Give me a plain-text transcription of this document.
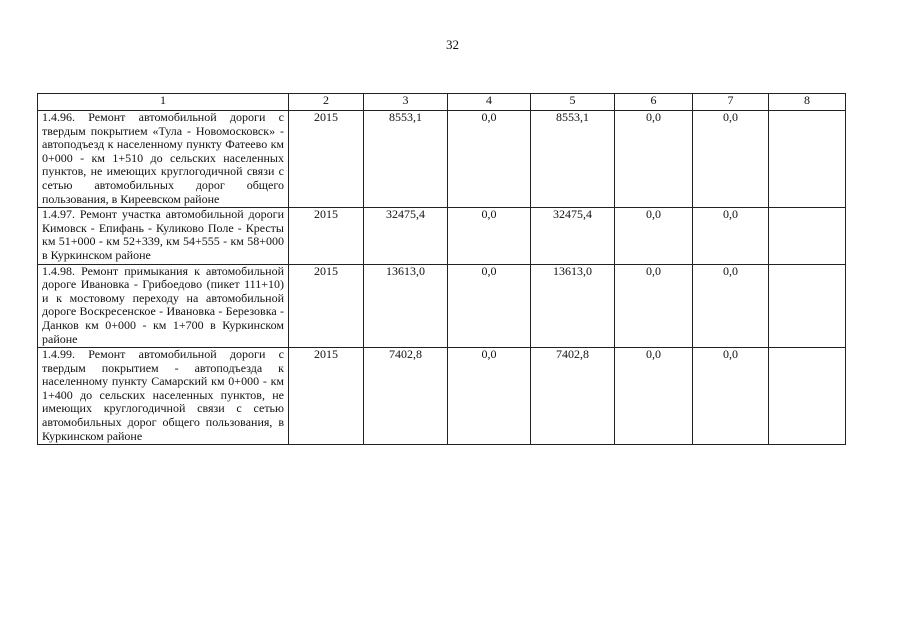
32
1	2	3	4	5	6	7	8
1.4.96. Ремонт автомобильной дороги с твердым покрытием «Тула - Новомосковск» - автоподъезд к населенному пункту Фатеево км 0+000 - км 1+510 до сельских населенных пунктов, не имеющих круглогодичной связи с сетью автомобильных дорог общего пользования, в Киреевском районе	2015	8553,1	0,0	8553,1	0,0	0,0	
1.4.97. Ремонт участка автомобильной дороги Кимовск - Епифань - Куликово Поле - Кресты км 51+000 - км 52+339, км 54+555 - км 58+000 в Куркинском районе	2015	32475,4	0,0	32475,4	0,0	0,0	
1.4.98. Ремонт примыкания к автомобильной дороге Ивановка - Грибоедово (пикет 111+10) и к мостовому переходу на автомобильной дороге Воскресенское - Ивановка - Березовка - Данков км 0+000 - км 1+700 в Куркинском районе	2015	13613,0	0,0	13613,0	0,0	0,0	
1.4.99. Ремонт автомобильной дороги с твердым покрытием - автоподъезда к населенному пункту Самарский км 0+000 - км 1+400 до сельских населенных пунктов, не имеющих круглогодичной связи с сетью автомобильных дорог общего пользования, в Куркинском районе	2015	7402,8	0,0	7402,8	0,0	0,0	
